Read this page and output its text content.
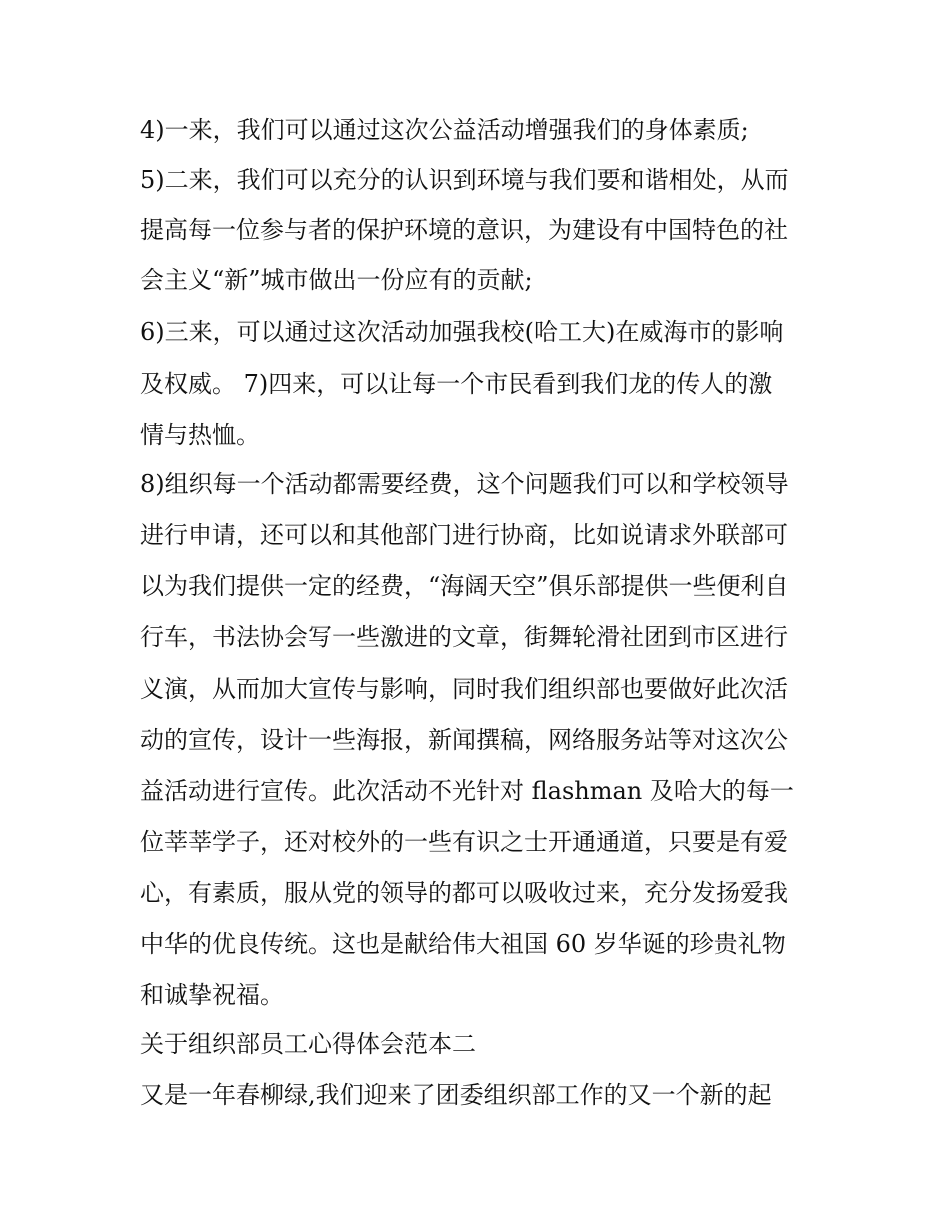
4)一来，我们可以通过这次公益活动增强我们的身体素质;
5)二来，我们可以充分的认识到环境与我们要和谐相处，从而
提高每一位参与者的保护环境的意识，为建设有中国特色的社
会主义“新”城市做出一份应有的贡献;
6)三来，可以通过这次活动加强我校(哈工大)在威海市的影响
及权威。 7)四来，可以让每一个市民看到我们龙的传人的激
情与热恤。
8)组织每一个活动都需要经费，这个问题我们可以和学校领导
进行申请，还可以和其他部门进行协商，比如说请求外联部可
以为我们提供一定的经费，“海阔天空”俱乐部提供一些便利自
行车，书法协会写一些激进的文章，街舞轮滑社团到市区进行
义演，从而加大宣传与影响，同时我们组织部也要做好此次活
动的宣传，设计一些海报，新闻撰稿，网络服务站等对这次公
益活动进行宣传。此次活动不光针对 flashman 及哈大的每一
位莘莘学子，还对校外的一些有识之士开通通道，只要是有爱
心，有素质，服从党的领导的都可以吸收过来，充分发扬爱我
中华的优良传统。这也是献给伟大祖国 60 岁华诞的珍贵礼物
和诚挚祝福。
关于组织部员工心得体会范本二
又是一年春柳绿,我们迎来了团委组织部工作的又一个新的起
